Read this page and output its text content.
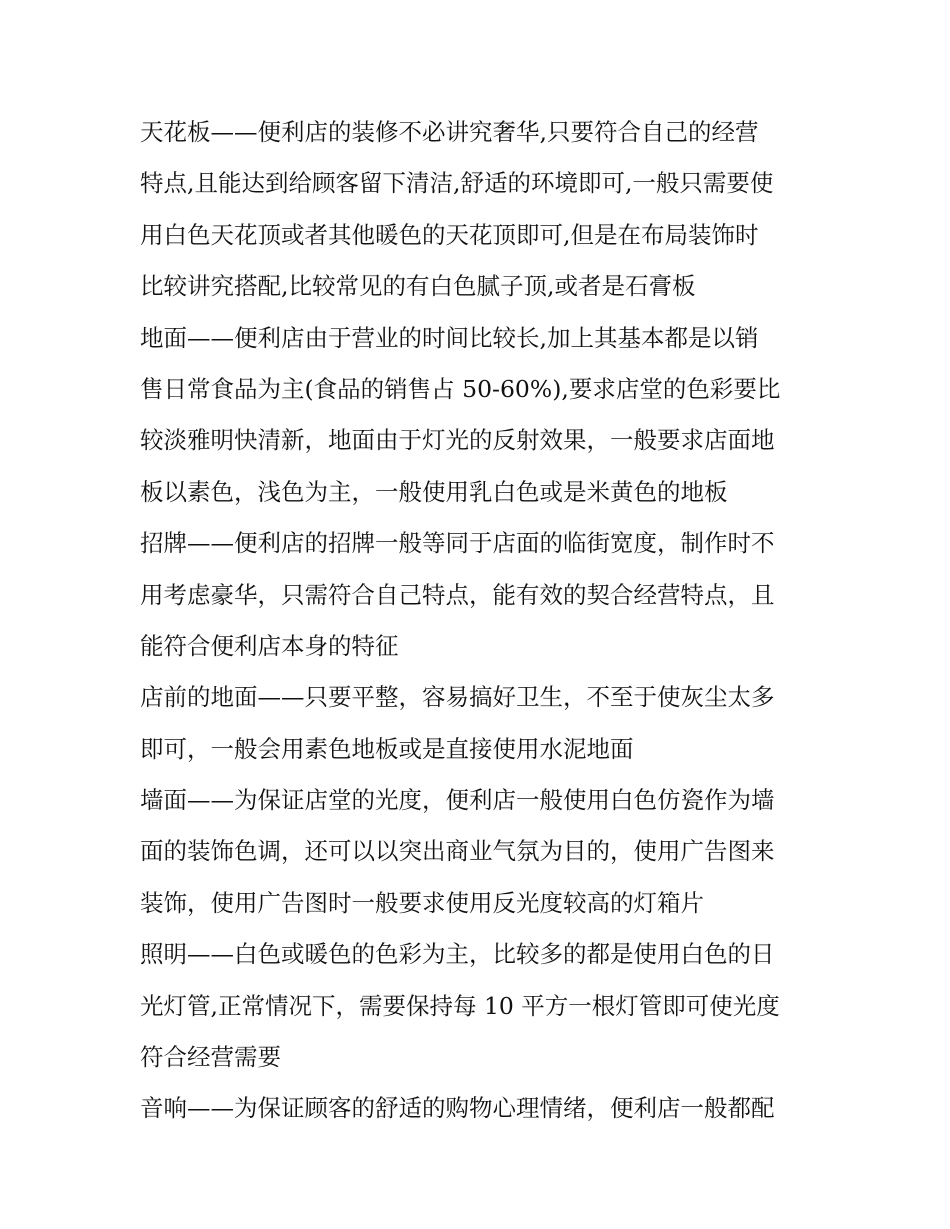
天花板——便利店的装修不必讲究奢华,只要符合自己的经营
特点,且能达到给顾客留下清洁,舒适的环境即可,一般只需要使
用白色天花顶或者其他暖色的天花顶即可,但是在布局装饰时
比较讲究搭配,比较常见的有白色腻子顶,或者是石膏板
地面——便利店由于营业的时间比较长,加上其基本都是以销
售日常食品为主(食品的销售占 50-60%),要求店堂的色彩要比
较淡雅明快清新，地面由于灯光的反射效果，一般要求店面地
板以素色，浅色为主，一般使用乳白色或是米黄色的地板
招牌——便利店的招牌一般等同于店面的临街宽度，制作时不
用考虑豪华，只需符合自己特点，能有效的契合经营特点，且
能符合便利店本身的特征
店前的地面——只要平整，容易搞好卫生，不至于使灰尘太多
即可，一般会用素色地板或是直接使用水泥地面
墙面——为保证店堂的光度，便利店一般使用白色仿瓷作为墙
面的装饰色调，还可以以突出商业气氛为目的，使用广告图来
装饰，使用广告图时一般要求使用反光度较高的灯箱片
照明——白色或暖色的色彩为主，比较多的都是使用白色的日
光灯管,正常情况下，需要保持每 10 平方一根灯管即可使光度
符合经营需要
音响——为保证顾客的舒适的购物心理情绪，便利店一般都配
